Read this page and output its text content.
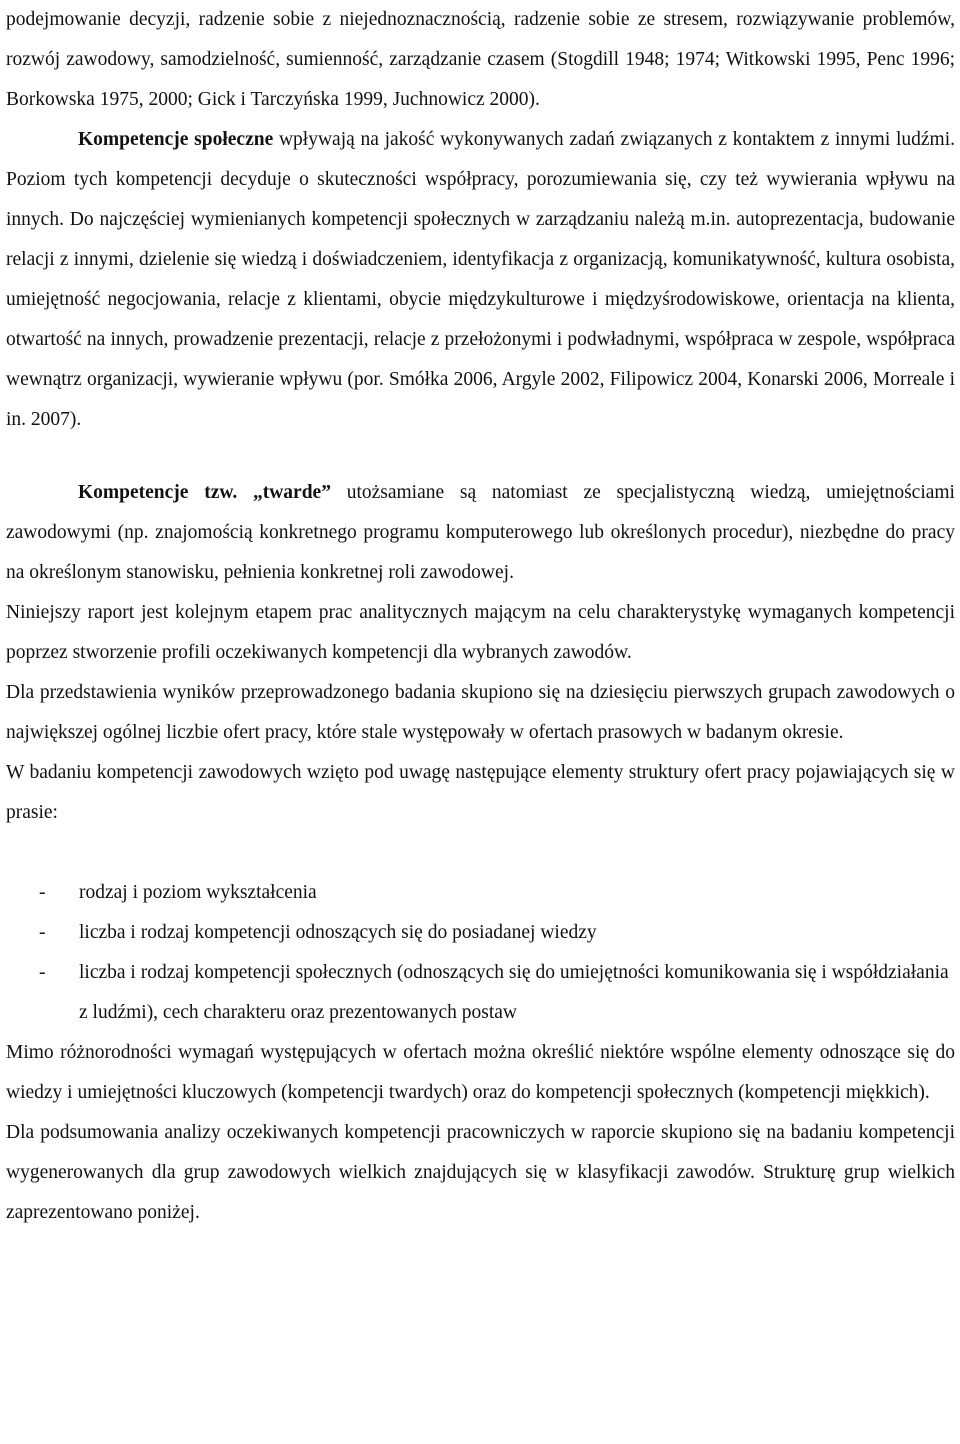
podejmowanie decyzji, radzenie sobie z niejednoznacznością, radzenie sobie ze stresem, rozwiązywanie problemów, rozwój zawodowy, samodzielność, sumienność, zarządzanie czasem (Stogdill 1948; 1974; Witkowski 1995, Penc 1996; Borkowska 1975, 2000; Gick i Tarczyńska 1999, Juchnowicz 2000).

Kompetencje społeczne wpływają na jakość wykonywanych zadań związanych z kontaktem z innymi ludźmi. Poziom tych kompetencji decyduje o skuteczności współpracy, porozumiewania się, czy też wywierania wpływu na innych. Do najczęściej wymienianych kompetencji społecznych w zarządzaniu należą m.in. autoprezentacja, budowanie relacji z innymi, dzielenie się wiedzą i doświadczeniem, identyfikacja z organizacją, komunikatywność, kultura osobista, umiejętność negocjowania, relacje z klientami, obycie międzykulturowe i międzyśrodowiskowe, orientacja na klienta, otwartość na innych, prowadzenie prezentacji, relacje z przełożonymi i podwładnymi, współpraca w zespole, współpraca wewnątrz organizacji, wywieranie wpływu (por. Smółka 2006, Argyle 2002, Filipowicz 2004, Konarski 2006, Morreale i in. 2007).

Kompetencje tzw. „twarde” utożsamiane są natomiast ze specjalistyczną wiedzą, umiejętnościami zawodowymi (np. znajomością konkretnego programu komputerowego lub określonych procedur), niezbędne do pracy na określonym stanowisku, pełnienia konkretnej roli zawodowej.

Niniejszy raport jest kolejnym etapem prac analitycznych mającym na celu charakterystykę wymaganych kompetencji poprzez stworzenie profili oczekiwanych kompetencji dla wybranych zawodów.

Dla przedstawienia wyników przeprowadzonego badania skupiono się na dziesięciu pierwszych grupach zawodowych o największej ogólnej liczbie ofert pracy, które stale występowały w ofertach prasowych w badanym okresie.

W badaniu kompetencji zawodowych wzięto pod uwagę następujące elementy struktury ofert pracy pojawiających się w prasie:

- rodzaj i poziom wykształcenia
- liczba i rodzaj kompetencji odnoszących się do posiadanej wiedzy
- liczba i rodzaj kompetencji społecznych (odnoszących się do umiejętności komunikowania się i współdziałania z ludźmi), cech charakteru oraz prezentowanych postaw

Mimo różnorodności wymagań występujących w ofertach można określić niektóre wspólne elementy odnoszące się do wiedzy i umiejętności kluczowych (kompetencji twardych) oraz do kompetencji społecznych (kompetencji miękkich).

Dla podsumowania analizy oczekiwanych kompetencji pracowniczych w raporcie skupiono się na badaniu kompetencji wygenerowanych dla grup zawodowych wielkich znajdujących się w klasyfikacji zawodów. Strukturę grup wielkich zaprezentowano poniżej.
